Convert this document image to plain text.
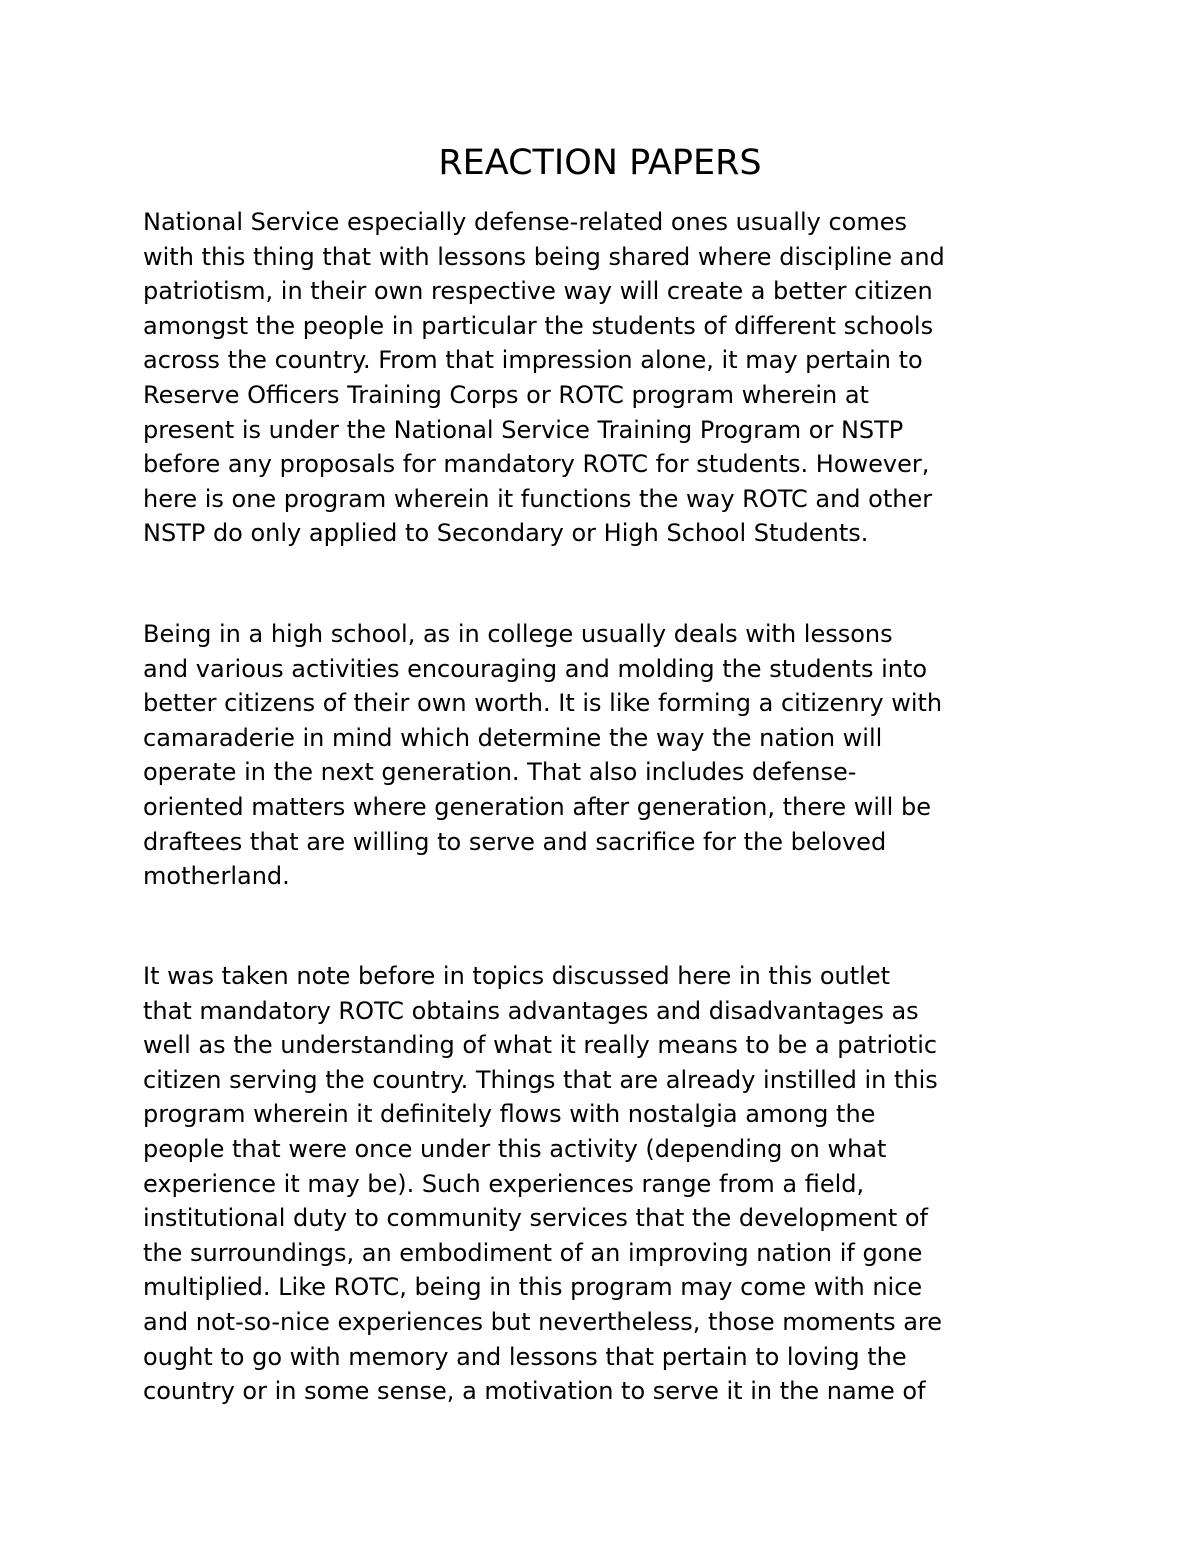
REACTION PAPERS
National Service especially defense-related ones usually comes
with this thing that with lessons being shared where discipline and
patriotism, in their own respective way will create a better citizen
amongst the people in particular the students of different schools
across the country. From that impression alone, it may pertain to
Reserve Officers Training Corps or ROTC program wherein at
present is under the National Service Training Program or NSTP
before any proposals for mandatory ROTC for students. However,
here is one program wherein it functions the way ROTC and other
NSTP do only applied to Secondary or High School Students.
Being in a high school, as in college usually deals with lessons
and various activities encouraging and molding the students into
better citizens of their own worth. It is like forming a citizenry with
camaraderie in mind which determine the way the nation will
operate in the next generation. That also includes defense-
oriented matters where generation after generation, there will be
draftees that are willing to serve and sacrifice for the beloved
motherland.
It was taken note before in topics discussed here in this outlet
that mandatory ROTC obtains advantages and disadvantages as
well as the understanding of what it really means to be a patriotic
citizen serving the country. Things that are already instilled in this
program wherein it definitely flows with nostalgia among the
people that were once under this activity (depending on what
experience it may be). Such experiences range from a field,
institutional duty to community services that the development of
the surroundings, an embodiment of an improving nation if gone
multiplied. Like ROTC, being in this program may come with nice
and not-so-nice experiences but nevertheless, those moments are
ought to go with memory and lessons that pertain to loving the
country or in some sense, a motivation to serve it in the name of
